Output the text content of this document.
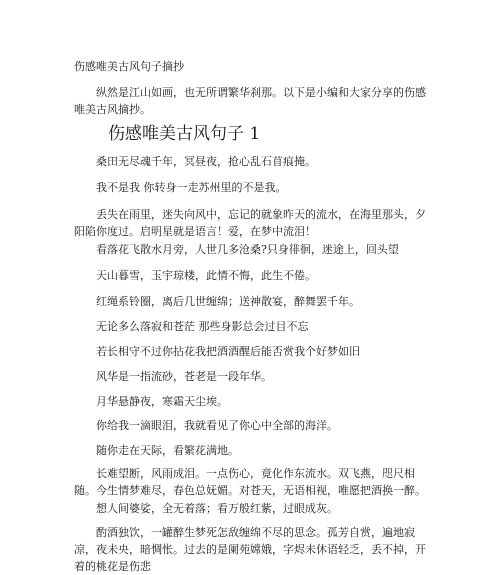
伤感唯美古风句子摘抄

纵然是江山如画，也无所谓繁华刹那。以下是小编和大家分享的伤感唯美古风摘抄。

伤感唯美古风句子 1

桑田无尽魂千年，冥昼夜，抢心乱石苜痕掩。

我不是我 你转身一走苏州里的不是我。

丢失在雨里，迷失向风中，忘记的就象昨天的流水，在海里那头，夕阳陷你度过。启明星就是语言！爱，在梦中流泪！

看落花飞散水月旁，人世几多沧桑?只身徘徊，迷途上，回头望

天山暮雪，玉宇琼楼，此情不悔，此生不倦。

红绳系铃圈，离后几世缠绵；送神散宴，醉舞罢千年。

无论多么落寂和苍茫 那些身影总会过目不忘

若长相守不过你拈花我把酒酒醒后能否赏我个好梦如旧

风华是一指流砂，苍老是一段年华。

月华悬静夜，寒霜天尘埃。

你给我一滴眼泪，我就看见了你心中全部的海洋。

随你走在天际，看繁花满地。

长难望断，风雨成泪。一点伤心，竟化作东流水。双飞燕，咫尺相随。今生情梦难尽，春色总妩媚。对苍天，无语相视，唯愿把酒换一醉。

想人间婆娑，全无着落；看万般红紫，过眼成灰。

酌酒独饮，一罐醉生梦死怎敌缠绵不尽的思念。孤芳自赏，遍地寂凉，夜未央，暗惆怅。过去的是阑苑嫦娥，字烬未休语轻乏，丢不掉，开着的桃花是伤悲
